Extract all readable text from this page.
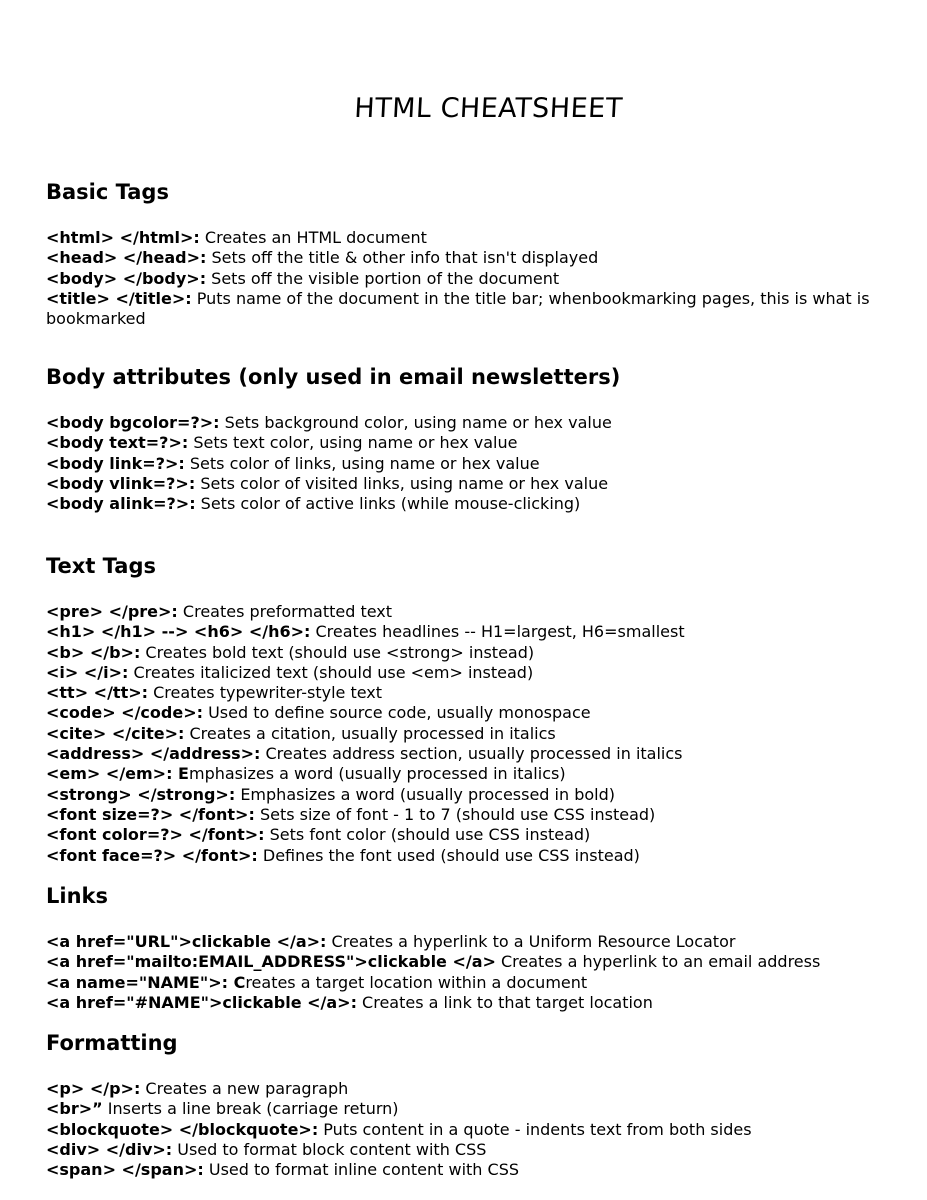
HTML CHEATSHEET
Basic Tags
<html> </html>: Creates an HTML document
<head> </head>: Sets off the title & other info that isn't displayed
<body> </body>: Sets off the visible portion of the document
<title> </title>: Puts name of the document in the title bar; whenbookmarking pages, this is what is bookmarked
Body attributes (only used in email newsletters)
<body bgcolor=?>: Sets background color, using name or hex value
<body text=?>: Sets text color, using name or hex value
<body link=?>: Sets color of links, using name or hex value
<body vlink=?>: Sets color of visited links, using name or hex value
<body alink=?>: Sets color of active links (while mouse-clicking)
Text Tags
<pre> </pre>: Creates preformatted text
<h1> </h1> --> <h6> </h6>: Creates headlines -- H1=largest, H6=smallest
<b> </b>: Creates bold text (should use <strong> instead)
<i> </i>: Creates italicized text (should use <em> instead)
<tt> </tt>: Creates typewriter-style text
<code> </code>: Used to define source code, usually monospace
<cite> </cite>: Creates a citation, usually processed in italics
<address> </address>: Creates address section, usually processed in italics
<em> </em>: Emphasizes a word (usually processed in italics)
<strong> </strong>: Emphasizes a word (usually processed in bold)
<font size=?> </font>: Sets size of font - 1 to 7 (should use CSS instead)
<font color=?> </font>: Sets font color (should use CSS instead)
<font face=?> </font>: Defines the font used (should use CSS instead)
Links
<a href="URL">clickable </a>: Creates a hyperlink to a Uniform Resource Locator
<a href="mailto:EMAIL_ADDRESS">clickable </a> Creates a hyperlink to an email address
<a name="NAME">: Creates a target location within a document
<a href="#NAME">clickable </a>: Creates a link to that target location
Formatting
<p> </p>: Creates a new paragraph
<br>” Inserts a line break (carriage return)
<blockquote> </blockquote>: Puts content in a quote - indents text from both sides
<div> </div>: Used to format block content with CSS
<span> </span>: Used to format inline content with CSS
